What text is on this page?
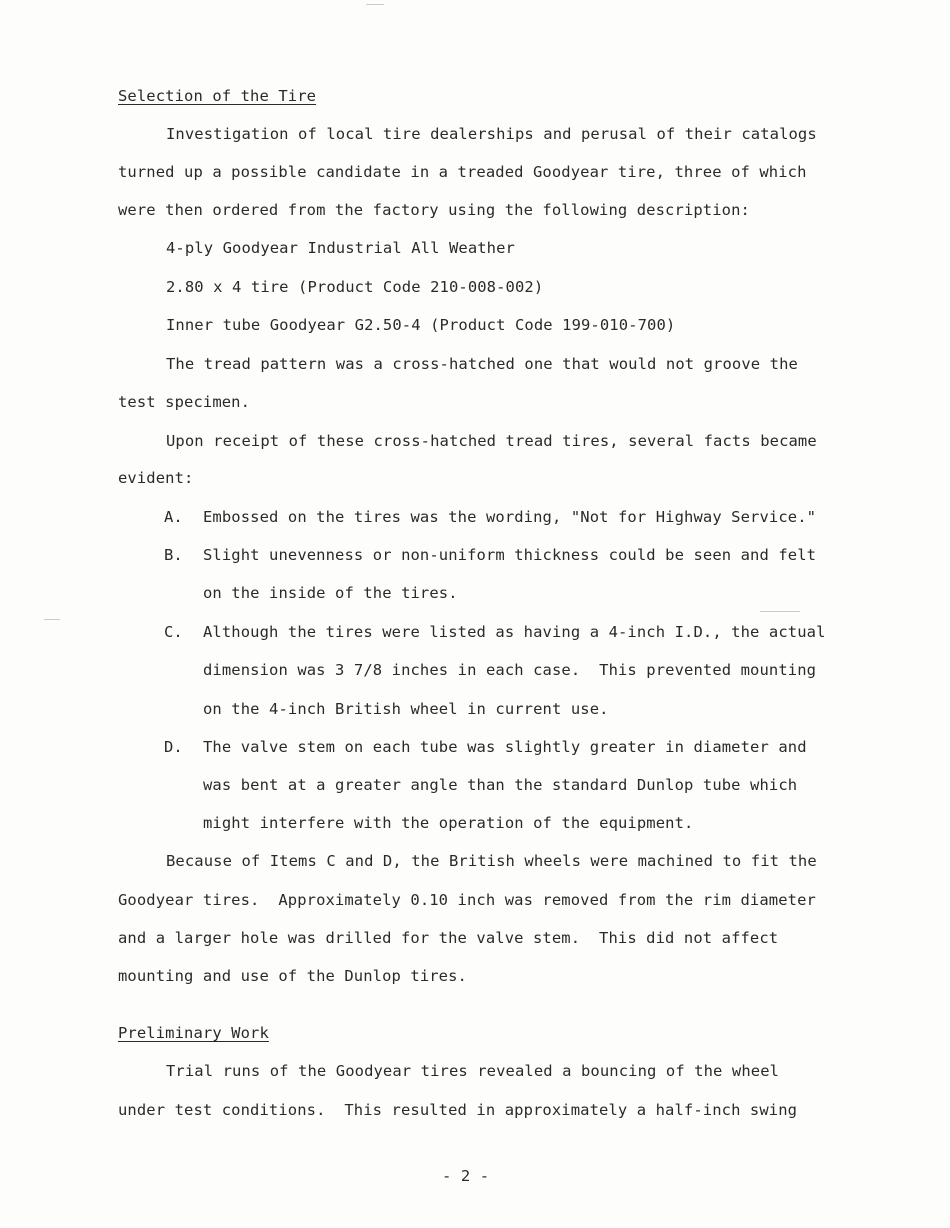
Selection of the Tire
Investigation of local tire dealerships and perusal of their catalogs
turned up a possible candidate in a treaded Goodyear tire, three of which
were then ordered from the factory using the following description:
4-ply Goodyear Industrial All Weather
2.80 x 4 tire (Product Code 210-008-002)
Inner tube Goodyear G2.50-4 (Product Code 199-010-700)
The tread pattern was a cross-hatched one that would not groove the
test specimen.
Upon receipt of these cross-hatched tread tires, several facts became
evident:
A. Embossed on the tires was the wording, "Not for Highway Service."
B. Slight unevenness or non-uniform thickness could be seen and felt
on the inside of the tires.
C. Although the tires were listed as having a 4-inch I.D., the actual
dimension was 3 7/8 inches in each case.  This prevented mounting
on the 4-inch British wheel in current use.
D. The valve stem on each tube was slightly greater in diameter and
was bent at a greater angle than the standard Dunlop tube which
might interfere with the operation of the equipment.
Because of Items C and D, the British wheels were machined to fit the
Goodyear tires.  Approximately 0.10 inch was removed from the rim diameter
and a larger hole was drilled for the valve stem.  This did not affect
mounting and use of the Dunlop tires.
Preliminary Work
Trial runs of the Goodyear tires revealed a bouncing of the wheel
under test conditions.  This resulted in approximately a half-inch swing
- 2 -
